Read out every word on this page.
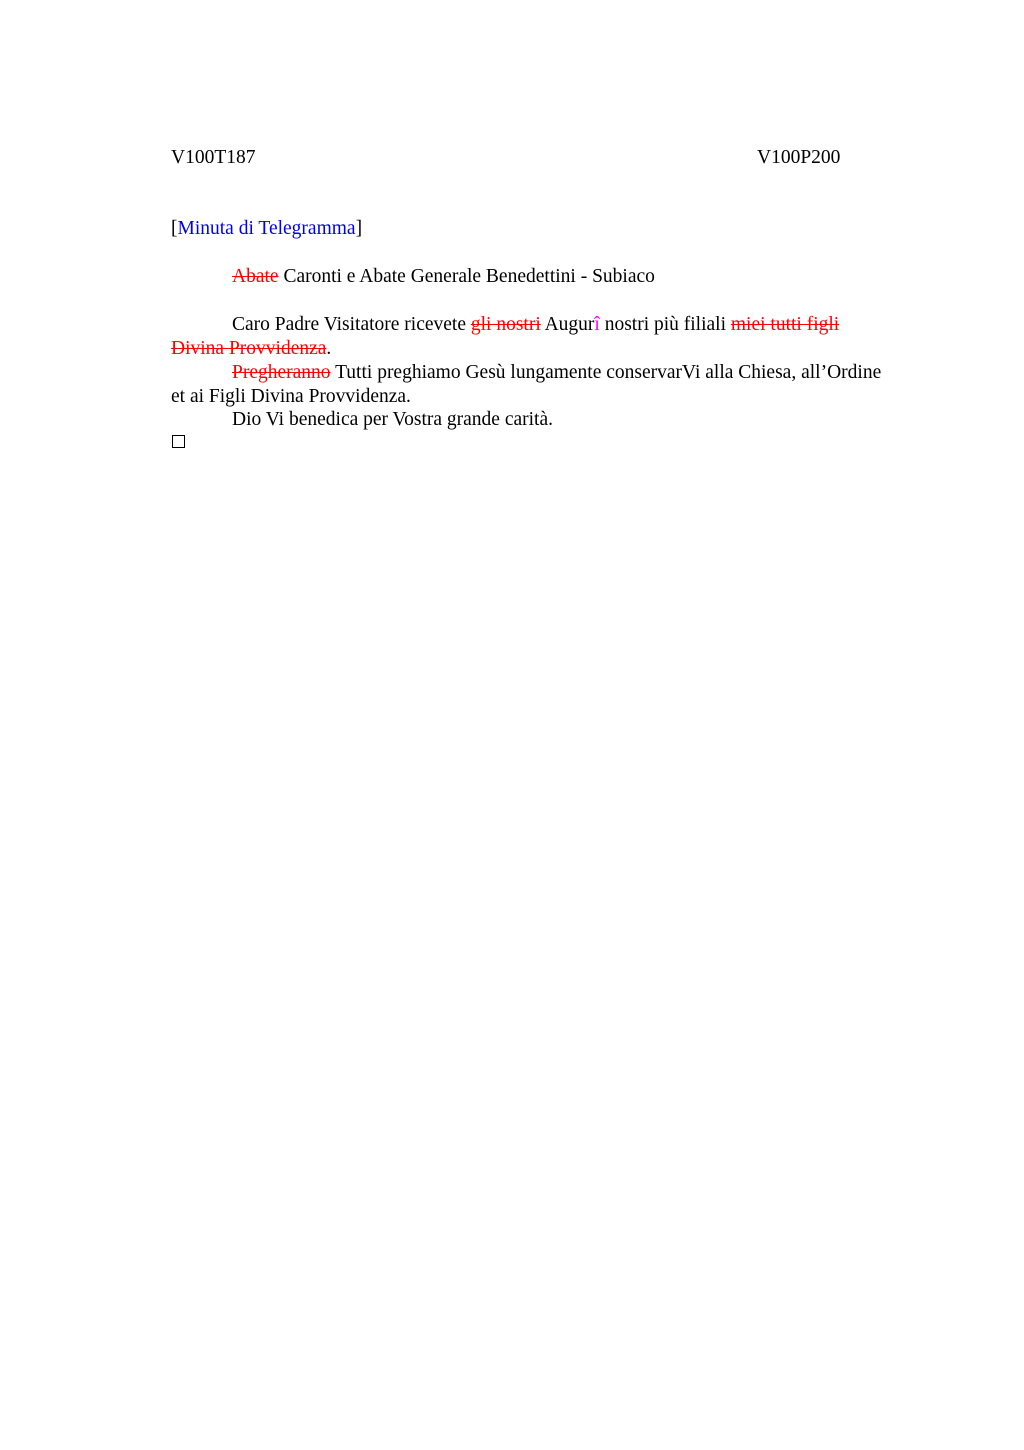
V100T187	V100P200
[Minuta di Telegramma]
Abate Caronti e Abate Generale Benedettini - Subiaco
Caro Padre Visitatore ricevete gli nostri Augurî nostri più filiali miei tutti figli
Divina Provvidenza.
Pregheranno Tutti preghiamo Gesù lungamente conservarVi alla Chiesa, all’Ordine
et ai Figli Divina Provvidenza.
Dio Vi benedica per Vostra grande carità.
